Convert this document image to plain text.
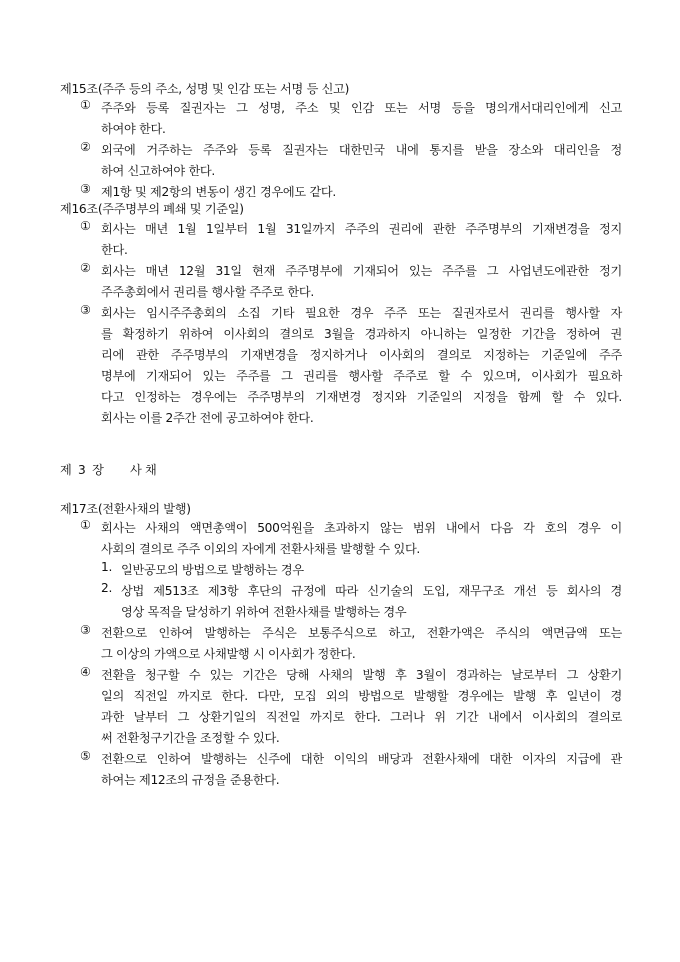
제15조(주주 등의 주소, 성명 및 인감 또는 서명 등 신고)
① 주주와 등록 질권자는 그 성명, 주소 및 인감 또는 서명 등을 명의개서대리인에게 신고
하여야 한다.
② 외국에 거주하는 주주와 등록 질권자는 대한민국 내에 통지를 받을 장소와 대리인을 정
하여 신고하여야 한다.
③ 제1항 및 제2항의 변동이 생긴 경우에도 같다.
제16조(주주명부의 폐쇄 및 기준일)
① 회사는 매년 1월 1일부터 1월 31일까지 주주의 권리에 관한 주주명부의 기재변경을 정지
한다.
② 회사는 매년 12월 31일 현재 주주명부에 기재되어 있는 주주를 그 사업년도에관한 정기
주주총회에서 권리를 행사할 주주로 한다.
③ 회사는 임시주주총회의 소집 기타 필요한 경우 주주 또는 질권자로서 권리를 행사할 자
를 확정하기 위하여 이사회의 결의로 3월을 경과하지 아니하는 일정한 기간을 정하여 권
리에 관한 주주명부의 기재변경을 정지하거나 이사회의 결의로 지정하는 기준일에 주주
명부에 기재되어 있는 주주를 그 권리를 행사할 주주로 할 수 있으며, 이사회가 필요하
다고 인정하는 경우에는 주주명부의 기재변경 정지와 기준일의 지정을 함께 할 수 있다.
회사는 이를 2주간 전에 공고하여야 한다.
제 3 장 사 채
제17조(전환사채의 발행)
① 회사는 사채의 액면총액이 500억원을 초과하지 않는 범위 내에서 다음 각 호의 경우 이
사회의 결의로 주주 이외의 자에게 전환사채를 발행할 수 있다.
1. 일반공모의 방법으로 발행하는 경우
2. 상법 제513조 제3항 후단의 규정에 따라 신기술의 도입, 재무구조 개선 등 회사의 경
영상 목적을 달성하기 위하여 전환사채를 발행하는 경우
③ 전환으로 인하여 발행하는 주식은 보통주식으로 하고, 전환가액은 주식의 액면금액 또는
그 이상의 가액으로 사채발행 시 이사회가 정한다.
④ 전환을 청구할 수 있는 기간은 당해 사채의 발행 후 3월이 경과하는 날로부터 그 상환기
일의 직전일 까지로 한다. 다만, 모집 외의 방법으로 발행할 경우에는 발행 후 일년이 경
과한 날부터 그 상환기일의 직전일 까지로 한다. 그러나 위 기간 내에서 이사회의 결의로
써 전환청구기간을 조정할 수 있다.
⑤ 전환으로 인하여 발행하는 신주에 대한 이익의 배당과 전환사채에 대한 이자의 지급에 관
하여는 제12조의 규정을 준용한다.
